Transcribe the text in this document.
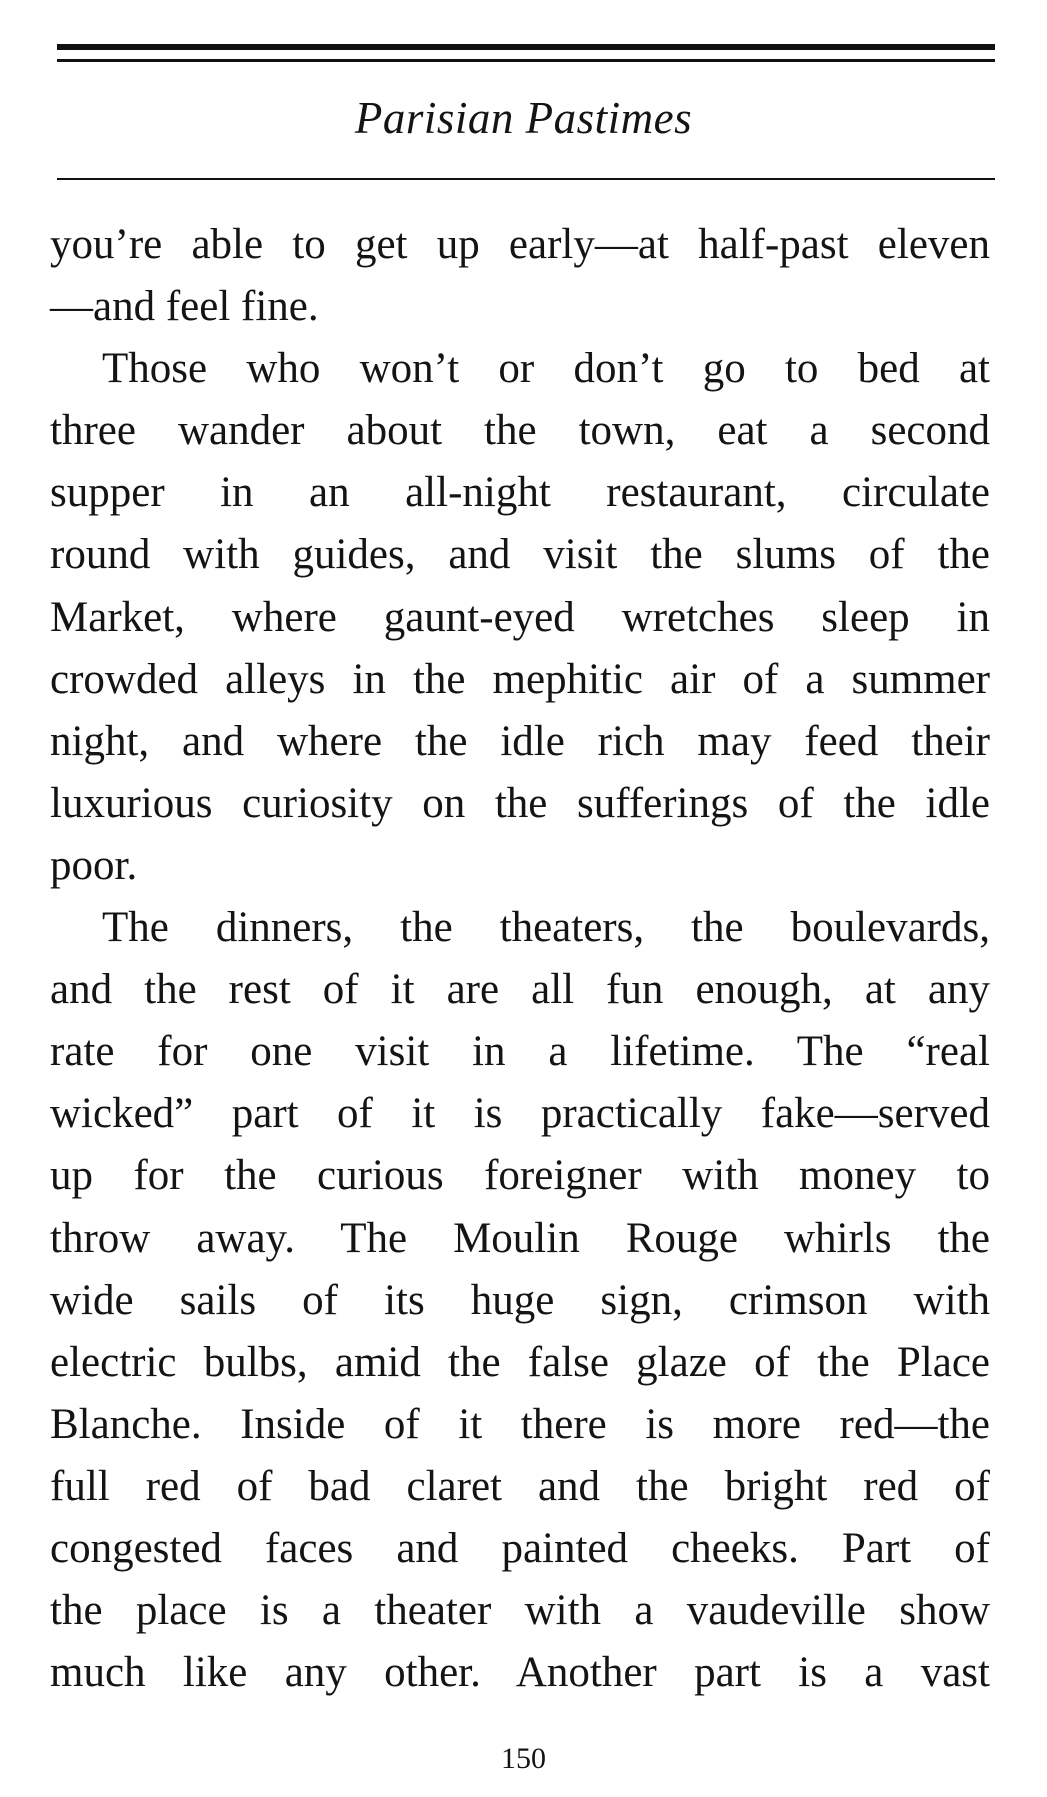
Parisian Pastimes
you’re able to get up early—at half-past eleven
—and feel fine.
Those who won’t or don’t go to bed at
three wander about the town, eat a second
supper in an all-night restaurant, circulate
round with guides, and visit the slums of the
Market, where gaunt-eyed wretches sleep in
crowded alleys in the mephitic air of a summer
night, and where the idle rich may feed their
luxurious curiosity on the sufferings of the idle
poor.
The dinners, the theaters, the boulevards,
and the rest of it are all fun enough, at any
rate for one visit in a lifetime. The “real
wicked” part of it is practically fake—served
up for the curious foreigner with money to
throw away. The Moulin Rouge whirls the
wide sails of its huge sign, crimson with
electric bulbs, amid the false glaze of the Place
Blanche. Inside of it there is more red—the
full red of bad claret and the bright red of
congested faces and painted cheeks. Part of
the place is a theater with a vaudeville show
much like any other. Another part is a vast
150
